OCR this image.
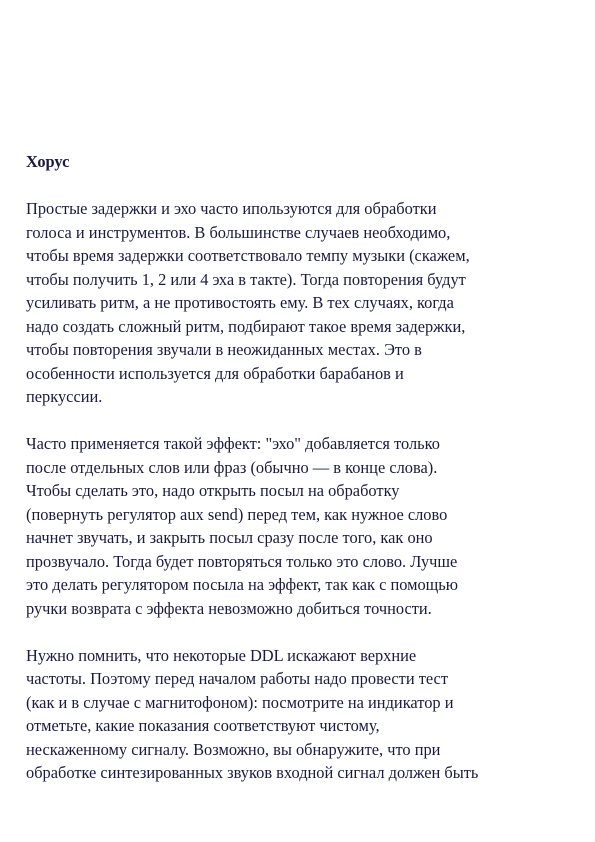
Хорус
Простые задержки и эхо часто ипользуются для обработки
голоса и инструментов. В большинстве случаев необходимо,
чтобы время задержки соответствовало темпу музыки (скажем,
чтобы получить 1, 2 или 4 эха в такте). Тогда повторения будут
усиливать ритм, а не противостоять ему. В тех случаях, когда
надо создать сложный ритм, подбирают такое время задержки,
чтобы повторения звучали в неожиданных местах. Это в
особенности используется для обработки барабанов и
перкуссии.
Часто применяется такой эффект: "эхо" добавляется только
после отдельных слов или фраз (обычно — в конце слова).
Чтобы сделать это, надо открыть посыл на обработку
(повернуть регулятор aux send) перед тем, как нужное слово
начнет звучать, и закрыть посыл сразу после того, как оно
прозвучало. Тогда будет повторяться только это слово. Лучше
это делать регулятором посыла на эффект, так как с помощью
ручки возврата с эффекта невозможно добиться точности.
Нужно помнить, что некоторые DDL искажают верхние
частоты. Поэтому перед началом работы надо провести тест
(как и в случае с магнитофоном): посмотрите на индикатор и
отметьте, какие показания соответствуют чистому,
нескаженному сигналу. Возможно, вы обнаружите, что при
обработке синтезированных звуков входной сигнал должен быть
